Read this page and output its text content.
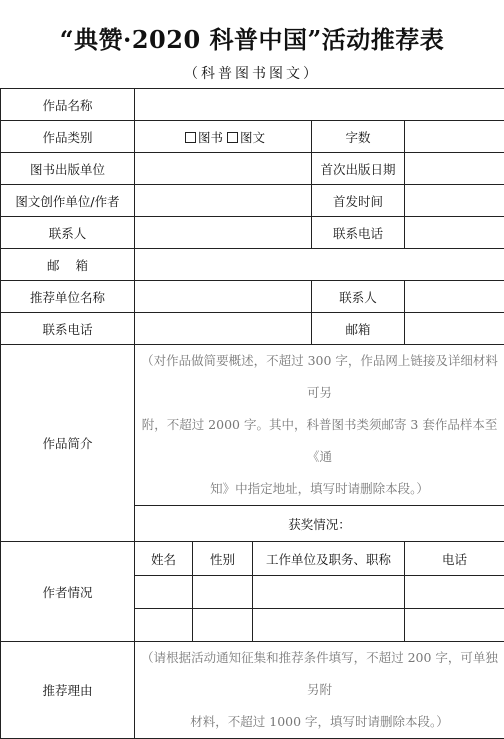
“典赞·2020 科普中国”活动推荐表
（科普图书图文）
作品名称					
作品类别	图书 图文			字数	
图书出版单位				首次出版日期	
图文创作单位/作者				首发时间	
联系人				联系电话	
邮    箱					
推荐单位名称				联系人	
联系电话				邮箱	
作品简介	（对作品做简要概述，不超过 300 字，作品网上链接及详细材料可另
附，不超过 2000 字。其中，科普图书类须邮寄 3 套作品样本至《通
知》中指定地址，填写时请删除本段。）				

	获奖情况：				
作者情况	姓名	性别	工作单位及职务、职称		电话

推荐理由	（请根据活动通知征集和推荐条件填写，不超过 200 字，可单独另附
材料，不超过 1000 字，填写时请删除本段。）				
